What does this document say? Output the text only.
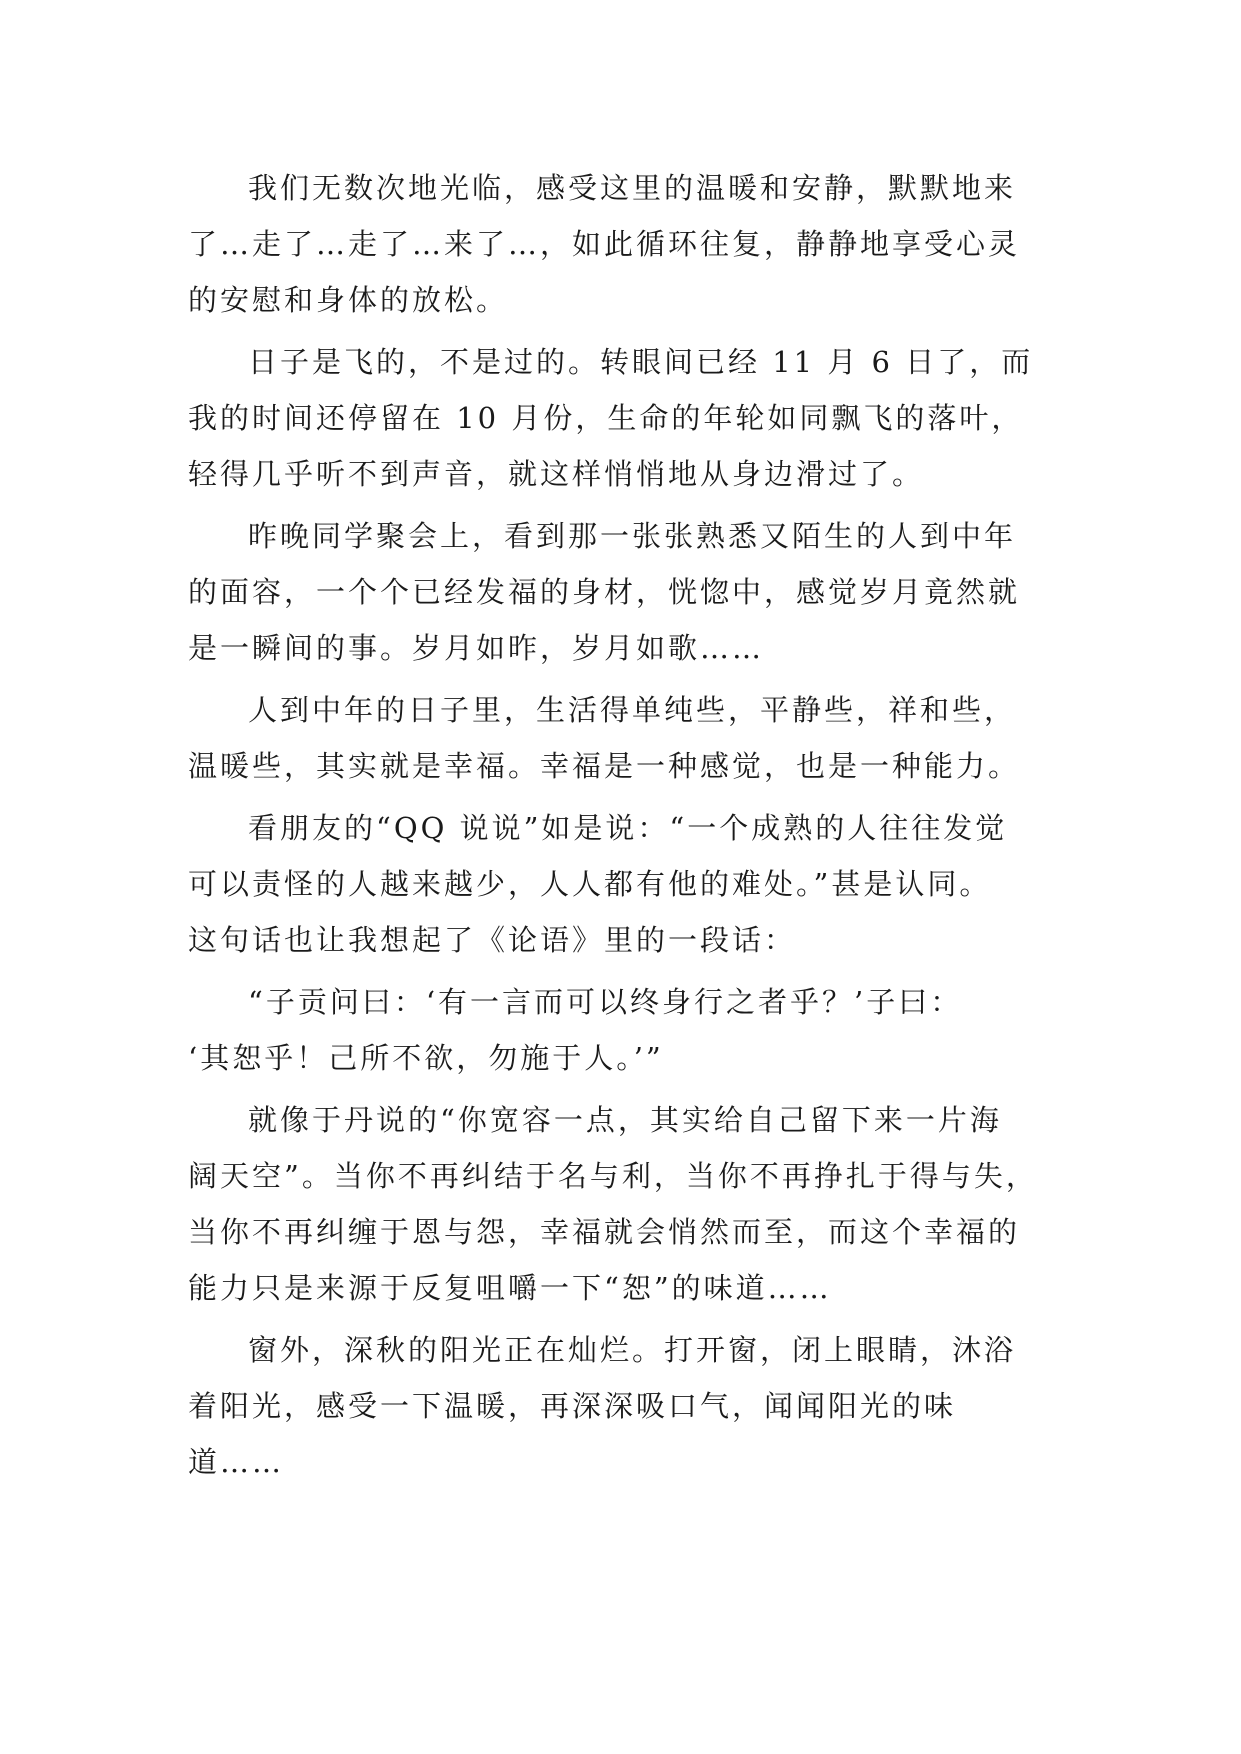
我们无数次地光临，感受这里的温暖和安静，默默地来
了…走了…走了…来了…，如此循环往复，静静地享受心灵
的安慰和身体的放松。
日子是飞的，不是过的。转眼间已经 11 月 6 日了，而
我的时间还停留在 10 月份，生命的年轮如同飘飞的落叶，
轻得几乎听不到声音，就这样悄悄地从身边滑过了。
昨晚同学聚会上，看到那一张张熟悉又陌生的人到中年
的面容，一个个已经发福的身材，恍惚中，感觉岁月竟然就
是一瞬间的事。岁月如昨，岁月如歌……
人到中年的日子里，生活得单纯些，平静些，祥和些，
温暖些，其实就是幸福。幸福是一种感觉，也是一种能力。
看朋友的“QQ 说说”如是说：“一个成熟的人往往发觉
可以责怪的人越来越少，人人都有他的难处。”甚是认同。
这句话也让我想起了《论语》里的一段话：
“子贡问曰：‘有一言而可以终身行之者乎？’子曰：
‘其恕乎！己所不欲，勿施于人。’”
就像于丹说的“你宽容一点，其实给自己留下来一片海
阔天空”。当你不再纠结于名与利，当你不再挣扎于得与失，
当你不再纠缠于恩与怨，幸福就会悄然而至，而这个幸福的
能力只是来源于反复咀嚼一下“恕”的味道……
窗外，深秋的阳光正在灿烂。打开窗，闭上眼睛，沐浴
着阳光，感受一下温暖，再深深吸口气，闻闻阳光的味
道……
